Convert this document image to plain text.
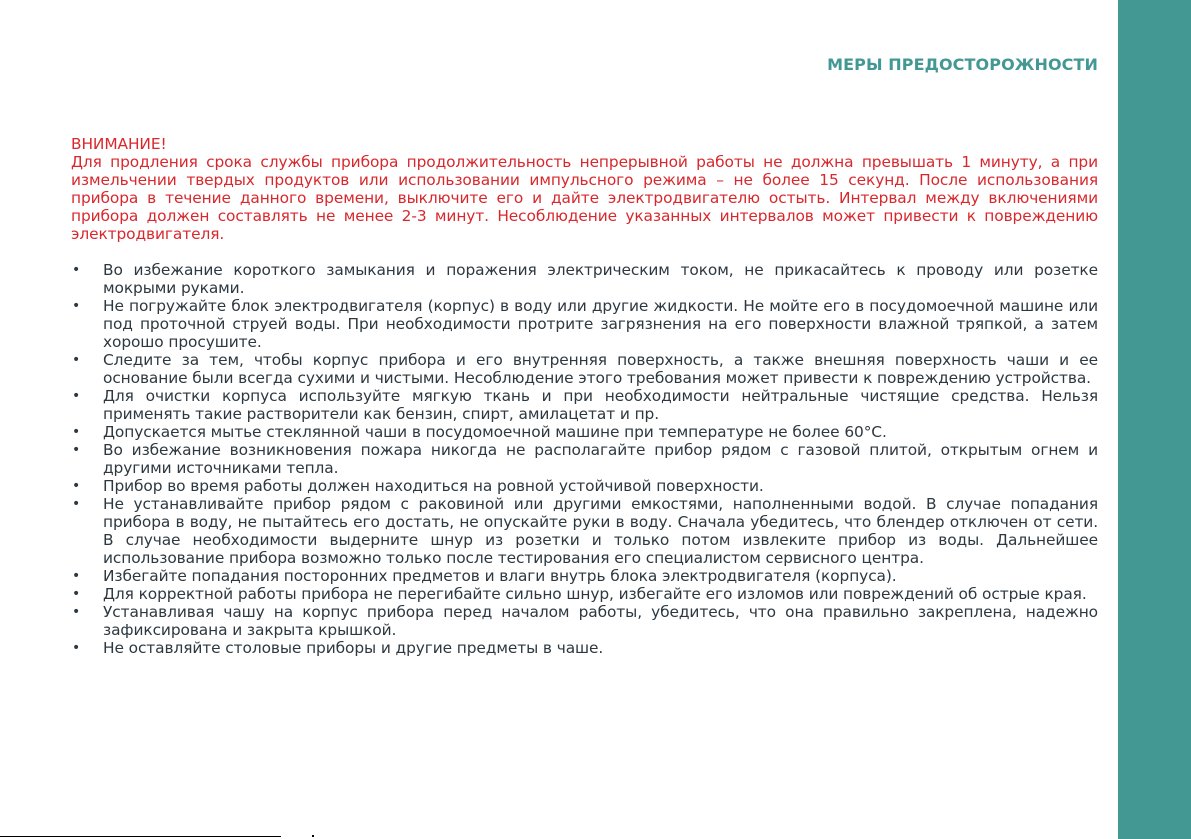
МЕРЫ ПРЕДОСТОРОЖНОСТИ

ВНИМАНИЕ!

Для продления срока службы прибора продолжительность непрерывной работы не должна превышать 1 минуту, а при измельчении твердых продуктов или использовании импульсного режима – не более 15 секунд. После использования прибора в течение данного времени, выключите его и дайте электродвигателю остыть. Интервал между включениями прибора должен составлять не менее 2-3 минут. Несоблюдение указанных интервалов может привести к повреждению электродвигателя.

• Во избежание короткого замыкания и поражения электрическим током, не прикасайтесь к проводу или розетке мокрыми руками.
• Не погружайте блок электродвигателя (корпус) в воду или другие жидкости. Не мойте его в посудомоечной машине или под проточной струей воды. При необходимости протрите загрязнения на его поверхности влажной тряпкой, а затем хорошо просушите.
• Следите за тем, чтобы корпус прибора и его внутренняя поверхность, а также внешняя поверхность чаши и ее основание были всегда сухими и чистыми. Несоблюдение этого требования может привести к повреждению устройства.
• Для очистки корпуса используйте мягкую ткань и при необходимости нейтральные чистящие средства. Нельзя применять такие растворители как бензин, спирт, амилацетат и пр.
• Допускается мытье стеклянной чаши в посудомоечной машине при температуре не более 60°C.
• Во избежание возникновения пожара никогда не располагайте прибор рядом с газовой плитой, открытым огнем и другими источниками тепла.
• Прибор во время работы должен находиться на ровной устойчивой поверхности.
• Не устанавливайте прибор рядом с раковиной или другими емкостями, наполненными водой. В случае попадания прибора в воду, не пытайтесь его достать, не опускайте руки в воду. Сначала убедитесь, что блендер отключен от сети. В случае необходимости выдерните шнур из розетки и только потом извлеките прибор из воды. Дальнейшее использование прибора возможно только после тестирования его специалистом сервисного центра.
• Избегайте попадания посторонних предметов и влаги внутрь блока электродвигателя (корпуса).
• Для корректной работы прибора не перегибайте сильно шнур, избегайте его изломов или повреждений об острые края.
• Устанавливая чашу на корпус прибора перед началом работы, убедитесь, что она правильно закреплена, надежно зафиксирована и закрыта крышкой.
• Не оставляйте столовые приборы и другие предметы в чаше.
